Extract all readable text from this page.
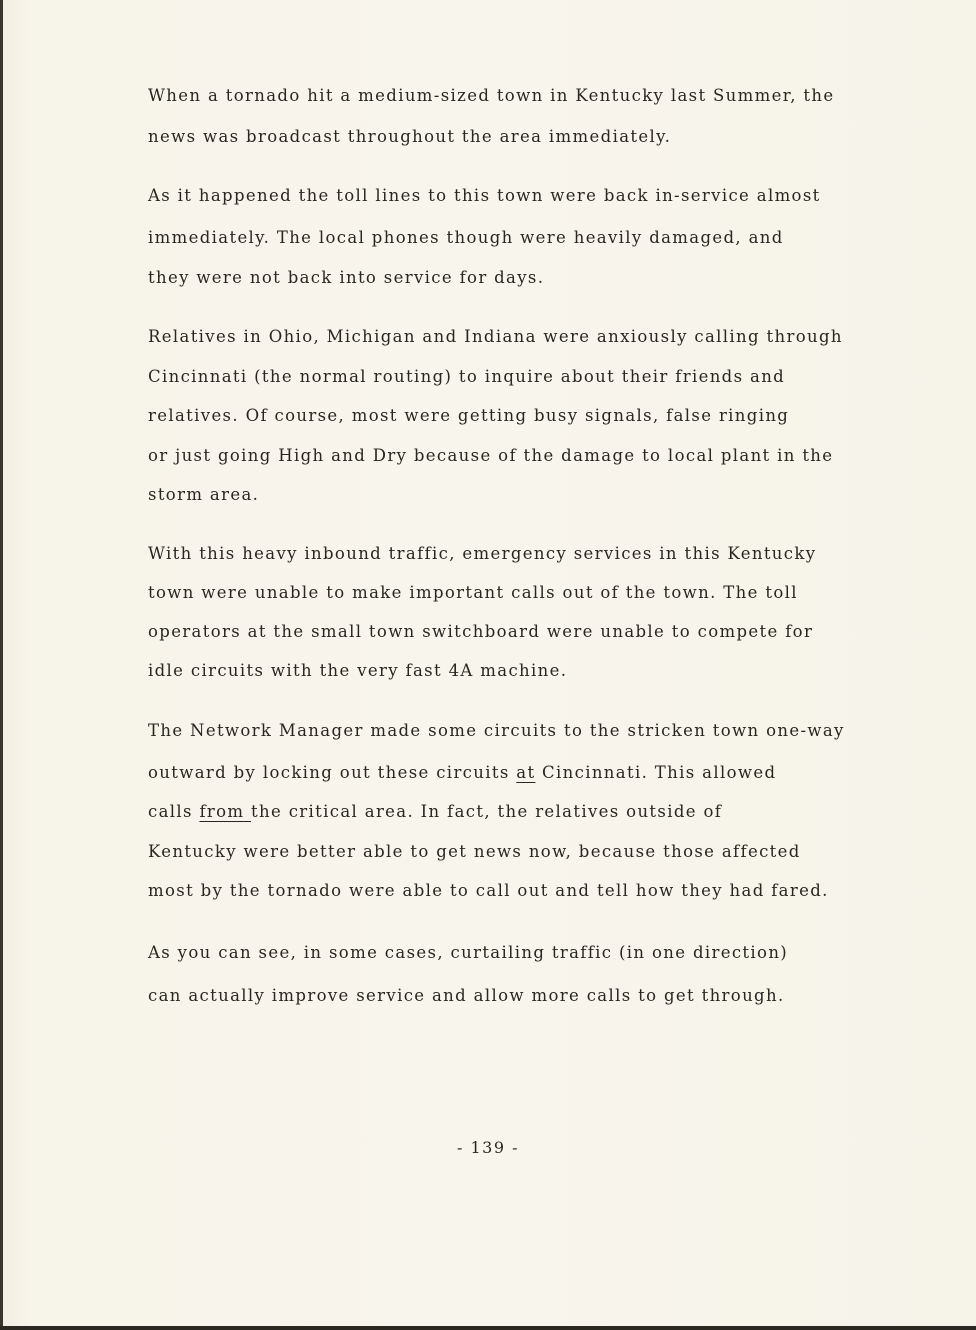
When a tornado hit a medium-sized town in Kentucky last Summer, the

news was broadcast throughout the area immediately.

As it happened the toll lines to this town were back in-service almost

immediately. The local phones though were heavily damaged, and

they were not back into service for days.

Relatives in Ohio, Michigan and Indiana were anxiously calling through

Cincinnati (the normal routing) to inquire about their friends and

relatives. Of course, most were getting busy signals, false ringing

or just going High and Dry because of the damage to local plant in the

storm area.

With this heavy inbound traffic, emergency services in this Kentucky

town were unable to make important calls out of the town. The toll

operators at the small town switchboard were unable to compete for

idle circuits with the very fast 4A machine.

The Network Manager made some circuits to the stricken town one-way

outward by locking out these circuits at Cincinnati. This allowed

calls from the critical area. In fact, the relatives outside of

Kentucky were better able to get news now, because those affected

most by the tornado were able to call out and tell how they had fared.

As you can see, in some cases, curtailing traffic (in one direction)

can actually improve service and allow more calls to get through.

- 139 -
